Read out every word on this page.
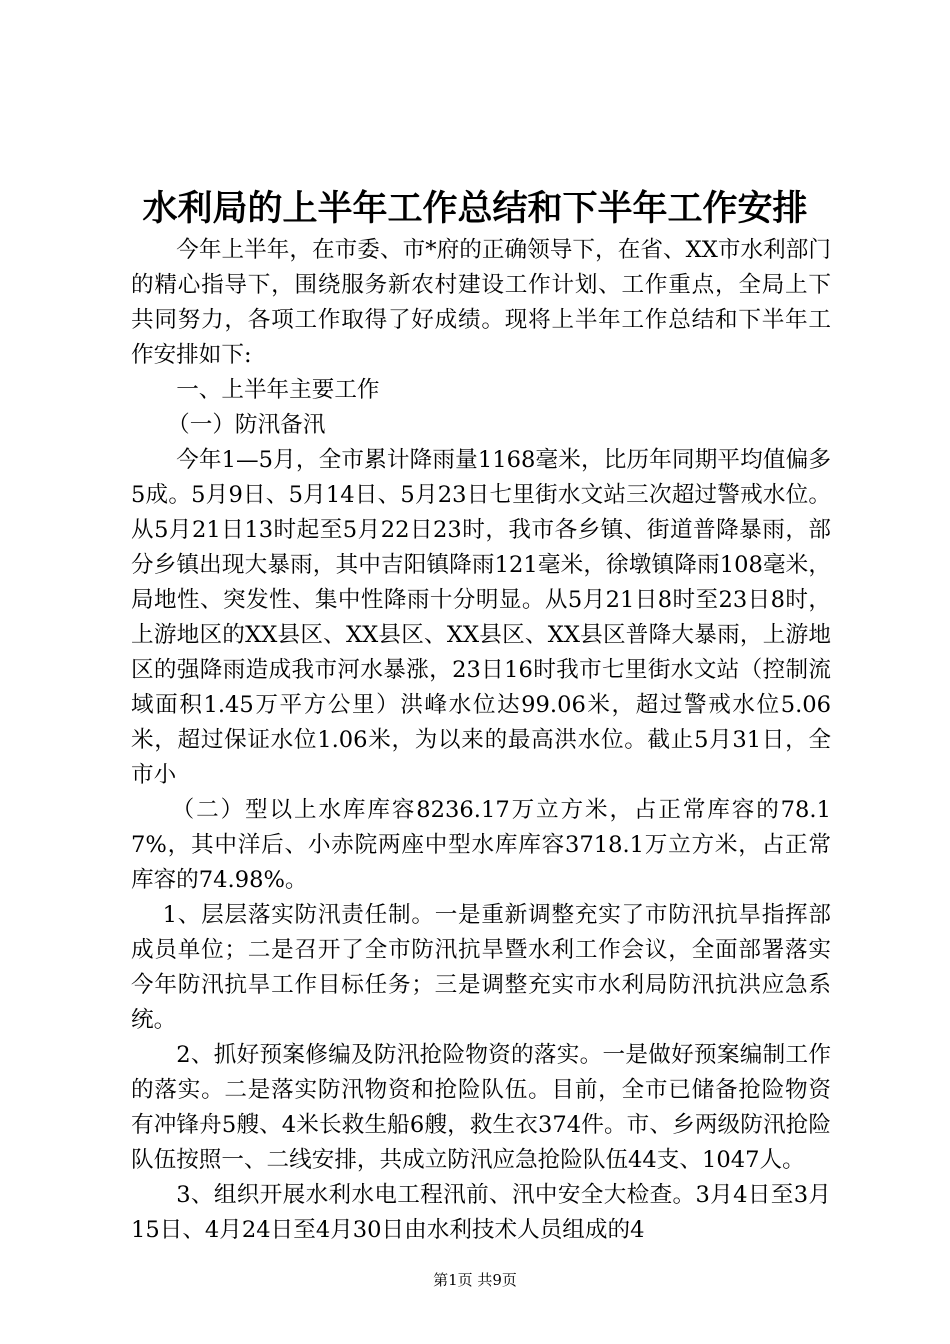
水利局的上半年工作总结和下半年工作安排

今年上半年，在市委、市*府的正确领导下，在省、XX市水利部门的精心指导下，围绕服务新农村建设工作计划、工作重点，全局上下共同努力，各项工作取得了好成绩。现将上半年工作总结和下半年工作安排如下:

一、上半年主要工作

（一）防汛备汛

今年1—5月，全市累计降雨量1168毫米，比历年同期平均值偏多5成。5月9日、5月14日、5月23日七里街水文站三次超过警戒水位。从5月21日13时起至5月22日23时，我市各乡镇、街道普降暴雨，部分乡镇出现大暴雨，其中吉阳镇降雨121毫米，徐墩镇降雨108毫米，局地性、突发性、集中性降雨十分明显。从5月21日8时至23日8时，上游地区的XX县区、XX县区、XX县区、XX县区普降大暴雨，上游地区的强降雨造成我市河水暴涨，23日16时我市七里街水文站（控制流域面积1.45万平方公里）洪峰水位达99.06米，超过警戒水位5.06米，超过保证水位1.06米，为以来的最高洪水位。截止5月31日，全市小

（二）型以上水库库容8236.17万立方米，占正常库容的78.17%，其中洋后、小赤院两座中型水库库容3718.1万立方米，占正常库容的74.98%。

1、层层落实防汛责任制。一是重新调整充实了市防汛抗旱指挥部成员单位；二是召开了全市防汛抗旱暨水利工作会议，全面部署落实今年防汛抗旱工作目标任务；三是调整充实市水利局防汛抗洪应急系统。

2、抓好预案修编及防汛抢险物资的落实。一是做好预案编制工作的落实。二是落实防汛物资和抢险队伍。目前，全市已储备抢险物资有冲锋舟5艘、4米长救生船6艘，救生衣374件。市、乡两级防汛抢险队伍按照一、二线安排，共成立防汛应急抢险队伍44支、1047人。

3、组织开展水利水电工程汛前、汛中安全大检查。3月4日至3月15日、4月24日至4月30日由水利技术人员组成的4

第1页 共9页
